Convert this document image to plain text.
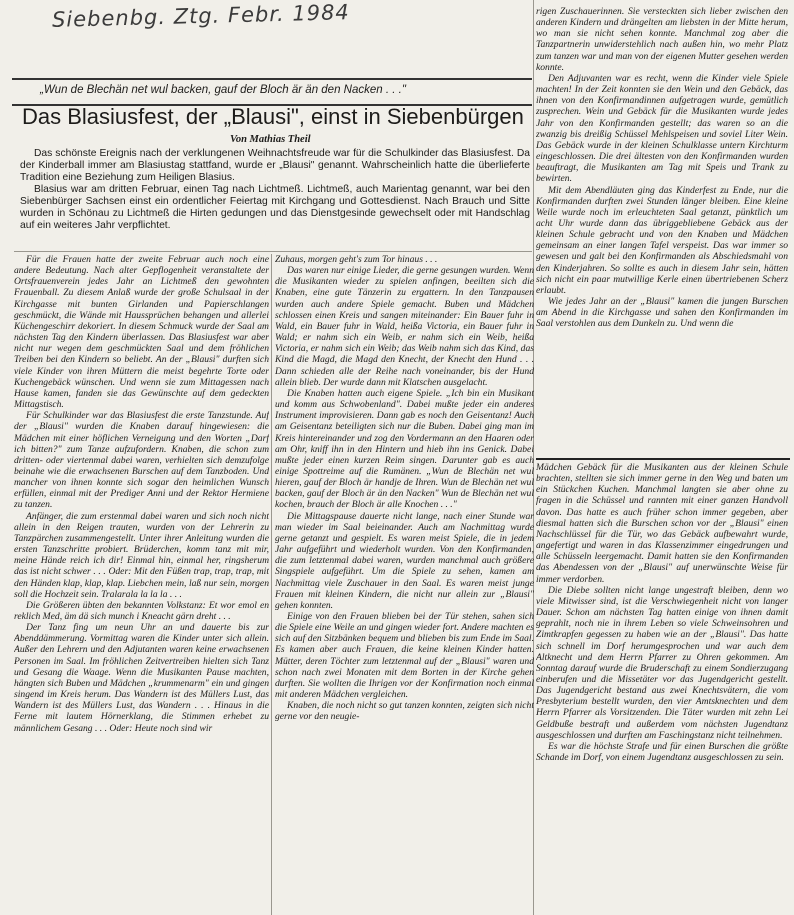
Siebenbg. Ztg. Febr. 1984
„Wun de Blechän net wul backen, gauf der Bloch är än den Nacken . . ."
Das Blasiusfest, der „Blausi", einst in Siebenbürgen
Von Mathias Theil

Das schönste Ereignis nach der verklungenen Weihnachtsfreude war für die Schulkinder das Blasiusfest. Da der Kinderball immer am Blasiustag stattfand, wurde er „Blausi" genannt. Wahrscheinlich hatte die überlieferte Tradition eine Beziehung zum Heiligen Blasius.

Blasius war am dritten Februar, einen Tag nach Lichtmeß. Lichtmeß, auch Marientag genannt, war bei den Siebenbürger Sachsen einst ein ordentlicher Feiertag mit Kirchgang und Gottesdienst. Nach Brauch und Sitte wurden in Schönau zu Lichtmeß die Hirten gedungen und das Dienstgesinde gewechselt oder mit Handschlag auf ein weiteres Jahr verpflichtet.

Für die Frauen hatte der zweite Februar auch noch eine andere Bedeutung. Nach alter Gepflogenheit veranstaltete der Ortsfrauenverein jedes Jahr an Lichtmeß den gewohnten Frauenball. Zu diesem Anlaß wurde der große Schulsaal in der Kirchgasse mit bunten Girlanden und Papierschlangen geschmückt, die Wände mit Haussprüchen behangen und allerlei Küchengeschirr dekoriert. In diesem Schmuck wurde der Saal am nächsten Tag den Kindern überlassen. Das Blasiusfest war aber nicht nur wegen dem geschmückten Saal und dem fröhlichen Treiben bei den Kindern so beliebt. An der „Blausi" durften sich viele Kinder von ihren Müttern die meist begehrte Torte oder Kuchengebäck wünschen. Und wenn sie zum Mittagessen nach Hause kamen, fanden sie das Gewünschte auf dem gedeckten Mittagstisch.

Für Schulkinder war das Blasiusfest die erste Tanzstunde. Auf der „Blausi" wurden die Knaben darauf hingewiesen: die Mädchen mit einer höflichen Verneigung und den Worten „Darf ich bitten?" zum Tanze aufzufordern. Knaben, die schon zum dritten- oder viertenmal dabei waren, verhielten sich demzufolge beinahe wie die erwachsenen Burschen auf dem Tanzboden. Und mancher von ihnen konnte sich sogar den heimlichen Wunsch erfüllen, einmal mit der Prediger Anni und der Rektor Hermiene zu tanzen.

Anfänger, die zum erstenmal dabei waren und sich noch nicht allein in den Reigen trauten, wurden von der Lehrerin zu Tanzpärchen zusammengestellt. Unter ihrer Anleitung wurden die ersten Tanzschritte probiert. Brüderchen, komm tanz mit mir, meine Hände reich ich dir! Einmal hin, einmal her, ringsherum das ist nicht schwer . . . Oder: Mit den Füßen trap, trap, trap, mit den Händen klap, klap, klap. Liebchen mein, laß nur sein, morgen soll die Hochzeit sein. Tralarala la la la . . .

Die Größeren übten den bekannten Volkstanz: Et wor emol en reklich Med, äm dä sich munch i Kneacht gärn dreht . . .

Der Tanz fing um neun Uhr an und dauerte bis zur Abenddämmerung. Vormittag waren die Kinder unter sich allein. Außer den Lehrern und den Adjutanten waren keine erwachsenen Personen im Saal. Im fröhlichen Zeitvertreiben hielten sich Tanz und Gesang die Waage. Wenn die Musikanten Pause machten, hängten sich Buben und Mädchen „krummenarm" ein und gingen singend im Kreis herum. Das Wandern ist des Müllers Lust, das Wandern ist des Müllers Lust, das Wandern . . . Hinaus in die Ferne mit lautem Hörnerklang, die Stimmen erhebet zu männlichem Gesang . . . Oder: Heute noch sind wir

Zuhaus, morgen geht's zum Tor hinaus . . .

Das waren nur einige Lieder, die gerne gesungen wurden. Wenn die Musikanten wieder zu spielen anfingen, beeilten sich die Knaben, eine gute Tänzerin zu ergattern. In den Tanzpausen wurden auch andere Spiele gemacht. Buben und Mädchen schlossen einen Kreis und sangen miteinander: Ein Bauer fuhr in Wald, ein Bauer fuhr in Wald, heißa Victoria, ein Bauer fuhr in Wald; er nahm sich ein Weib, er nahm sich ein Weib, heißa Victoria, er nahm sich ein Weib; das Weib nahm sich das Kind, das Kind die Magd, die Magd den Knecht, der Knecht den Hund . . . Dann schieden alle der Reihe nach voneinander, bis der Hund allein blieb. Der wurde dann mit Klatschen ausgelacht.

Die Knaben hatten auch eigene Spiele. „Ich bin ein Musikant und komm aus Schwobenland". Dabei mußte jeder ein anderes Instrument improvisieren. Dann gab es noch den Geisentanz! Auch am Geisentanz beteiligten sich nur die Buben. Dabei ging man im Kreis hintereinander und zog den Vordermann an den Haaren oder am Ohr, kniff ihn in den Hintern und hieb ihn ins Genick. Dabei mußte jeder einen kurzen Reim singen. Darunter gab es auch einige Spottreime auf die Rumänen. „Wun de Blechän net wul hieren, gauf der Bloch är handje de Ihren. Wun de Blechän net wul backen, gauf der Bloch är än den Nacken" Wun de Blechän net wul kochen, brauch der Bloch är alle Knochen . . ."

Die Mittagspause dauerte nicht lange, nach einer Stunde war man wieder im Saal beieinander. Auch am Nachmittag wurde gerne getanzt und gespielt. Es waren meist Spiele, die in jedem Jahr aufgeführt und wiederholt wurden. Von den Konfirmanden, die zum letztenmal dabei waren, wurden manchmal auch größere Singspiele aufgeführt. Um die Spiele zu sehen, kamen am Nachmittag viele Zuschauer in den Saal. Es waren meist junge Frauen mit kleinen Kindern, die nicht nur allein zur „Blausi" gehen konnten.

Einige von den Frauen blieben bei der Tür stehen, sahen sich die Spiele eine Weile an und gingen wieder fort. Andere machten es sich auf den Sitzbänken bequem und blieben bis zum Ende im Saal. Es kamen aber auch Frauen, die keine kleinen Kinder hatten. Mütter, deren Töchter zum letztenmal auf der „Blausi" waren und schon nach zwei Monaten mit dem Borten in der Kirche gehen durften. Sie wollten die Ihrigen vor der Konfirmation noch einmal mit anderen Mädchen vergleichen.

Knaben, die noch nicht so gut tanzen konnten, zeigten sich nicht gerne vor den neugie-

rigen Zuschauerinnen. Sie versteckten sich lieber zwischen den anderen Kindern und drängelten am liebsten in der Mitte herum, wo man sie nicht sehen konnte. Manchmal zog aber die Tanzpartnerin unwiderstehlich nach außen hin, wo mehr Platz zum tanzen war und man von der eigenen Mutter gesehen werden konnte.

Den Adjuvanten war es recht, wenn die Kinder viele Spiele machten! In der Zeit konnten sie den Wein und den Gebäck, das ihnen von den Konfirmandinnen aufgetragen wurde, gemütlich zusprechen. Wein und Gebäck für die Musikanten wurde jedes Jahr von den Konfirmanden gestellt; das waren so an die zwanzig bis dreißig Schüssel Mehlspeisen und soviel Liter Wein. Das Gebäck wurde in der kleinen Schulklasse untern Kirchturm eingeschlossen. Die drei ältesten von den Konfirmanden wurden beauftragt, die Musikanten am Tag mit Speis und Trank zu bewirten.

Mit dem Abendläuten ging das Kinderfest zu Ende, nur die Konfirmanden durften zwei Stunden länger bleiben. Eine kleine Weile wurde noch im erleuchteten Saal getanzt, pünktlich um acht Uhr wurde dann das übriggebliebene Gebäck aus der kleinen Schule gebracht und von den Knaben und Mädchen gemeinsam an einer langen Tafel verspeist. Das war immer so gewesen und galt bei den Konfirmanden als Abschiedsmahl von den Kinderjahren. So sollte es auch in diesem Jahr sein, hätten sich nicht ein paar mutwillige Kerle einen übertriebenen Scherz erlaubt.

Wie jedes Jahr an der „Blausi" kamen die jungen Burschen am Abend in die Kirchgasse und sahen den Konfirmanden im Saal verstohlen aus dem Dunkeln zu. Und wenn die

Mädchen Gebäck für die Musikanten aus der kleinen Schule brachten, stellten sie sich immer gerne in den Weg und baten um ein Stückchen Kuchen. Manchmal langten sie aber ohne zu fragen in die Schüssel und rannten mit einer ganzen Handvoll davon. Das hatte es auch früher schon immer gegeben, aber diesmal hatten sich die Burschen schon vor der „Blausi" einen Nachschlüssel für die Tür, wo das Gebäck aufbewahrt wurde, angefertigt und waren in das Klassenzimmer eingedrungen und alle Schüsseln leergemacht. Damit hatten sie den Konfirmanden das Abendessen von der „Blausi" auf unerwünschte Weise für immer verdorben.

Die Diebe sollten nicht lange ungestraft bleiben, denn wo viele Mitwisser sind, ist die Verschwiegenheit nicht von langer Dauer. Schon am nächsten Tag hatten einige von ihnen damit geprahlt, noch nie in ihrem Leben so viele Schweinsohren und Zimtkrapfen gegessen zu haben wie an der „Blausi". Das hatte sich schnell im Dorf herumgesprochen und war auch dem Altknecht und dem Herrn Pfarrer zu Ohren gekommen. Am Sonntag darauf wurde die Bruderschaft zu einem Sondierzugang einberufen und die Missetäter vor das Jugendgericht gestellt. Das Jugendgericht bestand aus zwei Knechtsvätern, die vom Presbyterium bestellt wurden, den vier Amtsknechten und dem Herrn Pfarrer als Vorsitzenden. Die Täter wurden mit zehn Lei Geldbuße bestraft und außerdem vom nächsten Jugendtanz ausgeschlossen und durften am Faschingstanz nicht teilnehmen.

Es war die höchste Strafe und für einen Burschen die größte Schande im Dorf, von einem Jugendtanz ausgeschlossen zu sein.
